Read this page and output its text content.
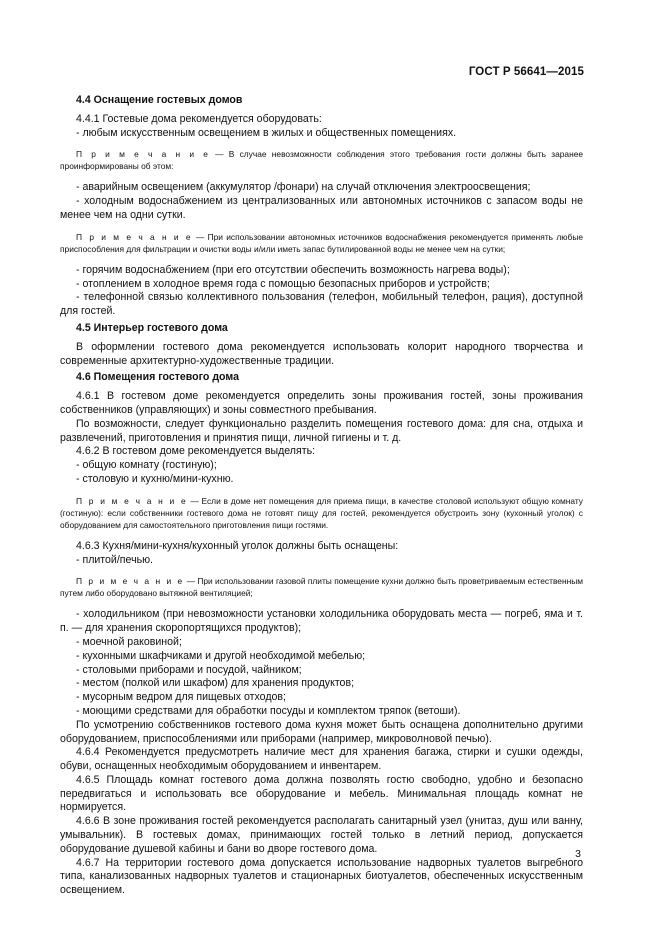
ГОСТ Р 56641—2015

4.4 Оснащение гостевых домов

4.4.1 Гостевые дома рекомендуется оборудовать:

- любым искусственным освещением в жилых и общественных помещениях.

П р и м е ч а н и е — В случае невозможности соблюдения этого требования гости должны быть заранее проинформированы об этом:

- аварийным освещением (аккумулятор /фонари) на случай отключения электроосвещения;

- холодным водоснабжением из централизованных или автономных источников с запасом воды не менее чем на одни сутки.

П р и м е ч а н и е — При использовании автономных источников водоснабжения рекомендуется применять любые приспособления для фильтрации и очистки воды и/или иметь запас бутилированной воды не менее чем на сутки;

- горячим водоснабжением (при его отсутствии обеспечить возможность нагрева воды);

- отоплением в холодное время года с помощью безопасных приборов и устройств;

- телефонной связью коллективного пользования (телефон, мобильный телефон, рация), доступной для гостей.

4.5 Интерьер гостевого дома

В оформлении гостевого дома рекомендуется использовать колорит народного творчества и современные архитектурно-художественные традиции.

4.6 Помещения гостевого дома

4.6.1 В гостевом доме рекомендуется определить зоны проживания гостей, зоны проживания собственников (управляющих) и зоны совместного пребывания.

По возможности, следует функционально разделить помещения гостевого дома: для сна, отдыха и развлечений, приготовления и принятия пищи, личной гигиены и т. д.

4.6.2 В гостевом доме рекомендуется выделять:

- общую комнату (гостиную);

- столовую и кухню/мини-кухню.

П р и м е ч а н и е — Если в доме нет помещения для приема пищи, в качестве столовой используют общую комнату (гостиную): если собственники гостевого дома не готовят пищу для гостей, рекомендуется обустроить зону (кухонный уголок) с оборудованием для самостоятельного приготовления пищи гостями.

4.6.3 Кухня/мини-кухня/кухонный уголок должны быть оснащены:

- плитой/печью.

П р и м е ч а н и е — При использовании газовой плиты помещение кухни должно быть проветриваемым естественным путем либо оборудовано вытяжной вентиляцией;

- холодильником (при невозможности установки холодильника оборудовать места — погреб, яма и т. п. — для хранения скоропортящихся продуктов);

- моечной раковиной;

- кухонными шкафчиками и другой необходимой мебелью;

- столовыми приборами и посудой, чайником;

- местом (полкой или шкафом) для хранения продуктов;

- мусорным ведром для пищевых отходов;

- моющими средствами для обработки посуды и комплектом тряпок (ветоши).

По усмотрению собственников гостевого дома кухня может быть оснащена дополнительно другими оборудованием, приспособлениями или приборами (например, микроволновой печью).

4.6.4 Рекомендуется предусмотреть наличие мест для хранения багажа, стирки и сушки одежды, обуви, оснащенных необходимым оборудованием и инвентарем.

4.6.5 Площадь комнат гостевого дома должна позволять гостю свободно, удобно и безопасно передвигаться и использовать все оборудование и мебель. Минимальная площадь комнат не нормируется.

4.6.6 В зоне проживания гостей рекомендуется располагать санитарный узел (унитаз, душ или ванну, умывальник). В гостевых домах, принимающих гостей только в летний период, допускается оборудование душевой кабины и бани во дворе гостевого дома.

4.6.7 На территории гостевого дома допускается использование надворных туалетов выгребного типа, канализованных надворных туалетов и стационарных биотуалетов, обеспеченных искусственным освещением.

3
